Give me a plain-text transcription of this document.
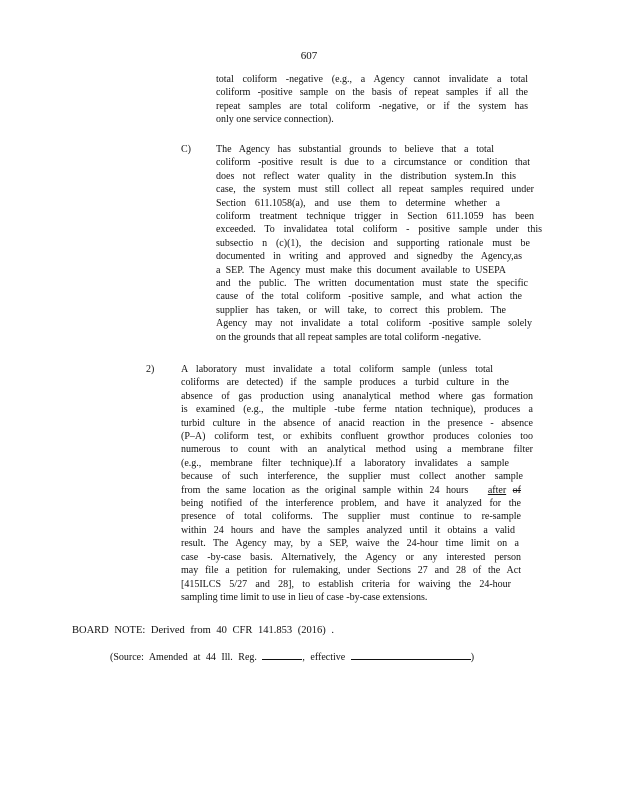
607
total coliform -negative (e.g., a Agency cannot invalidate a total
coliform -positive sample on the basis of repeat samples if all the
repeat samples are total coliform -negative, or if the system has
only one service connection).
C)	The Agency has substantial grounds to believe that a total
coliform -positive result is due to a circumstance or condition that
does not reflect water quality in the distribution system.In this
case, the system must still collect all repeat samples required under
Section 611.1058(a), and use them to determine whether a
coliform treatment technique trigger in Section 611.1059 has been
exceeded. To invalidatea total coliform - positive sample under this
subsectio n (c)(1), the decision and supporting rationale must be
documented in writing and approved and signedby the Agency,as
a SEP. The Agency must make this document available to USEPA
and the public. The written documentation must state the specific
cause of the total coliform -positive sample, and what action the
supplier has taken, or will take, to correct this problem. The
Agency may not invalidate a total coliform -positive sample solely
on the grounds that all repeat samples are total coliform -negative.
2)	A laboratory must invalidate a total coliform sample (unless total
coliforms are detected) if the sample produces a turbid culture in the
absence of gas production using ananalytical method where gas formation
is examined (e.g., the multiple -tube ferme ntation technique), produces a
turbid culture in the absence of anacid reaction in the presence - absence
(P–A) coliform test, or exhibits confluent growthor produces colonies too
numerous to count with an analytical method using a membrane filter
(e.g., membrane filter technique).If a laboratory invalidates a sample
because of such interference, the supplier must collect another sample
from the same location as the original sample within 24 hours after of
being notified of the interference problem, and have it analyzed for the
presence of total coliforms. The supplier must continue to re-sample
within 24 hours and have the samples analyzed until it obtains a valid
result. The Agency may, by a SEP, waive the 24-hour time limit on a
case -by-case basis. Alternatively, the Agency or any interested person
may file a petition for rulemaking, under Sections 27 and 28 of the Act
[415ILCS 5/27 and 28], to establish criteria for waiving the 24-hour
sampling time limit to use in lieu of case -by-case extensions.
BOARD NOTE: Derived from 40 CFR 141.853 (2016) .
(Source: Amended at 44 Ill. Reg.	, effective	)
